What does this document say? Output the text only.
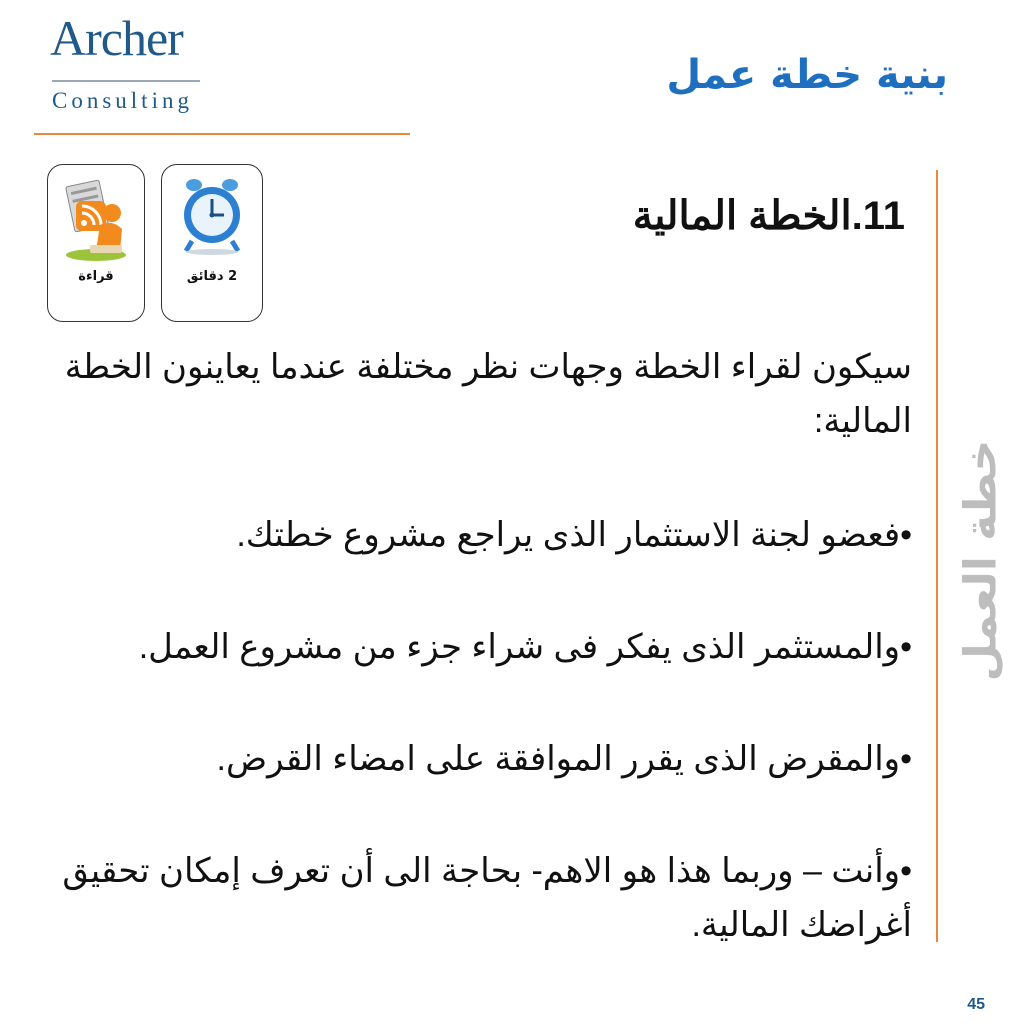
Archer
Consulting
بنية خطة عمل
خطة العمل
قراءة	2 دقائق
11.الخطة المالية
سيكون لقراء الخطة وجهات نظر مختلفة عندما يعاينون الخطة المالية:
•فعضو لجنة الاستثمار الذى يراجع مشروع خطتك.
•والمستثمر الذى يفكر فى شراء جزء من مشروع العمل.
•والمقرض الذى يقرر الموافقة على امضاء القرض.
•وأنت – وربما هذا هو الاهم- بحاجة الى أن تعرف إمكان تحقيق أغراضك المالية.
45
